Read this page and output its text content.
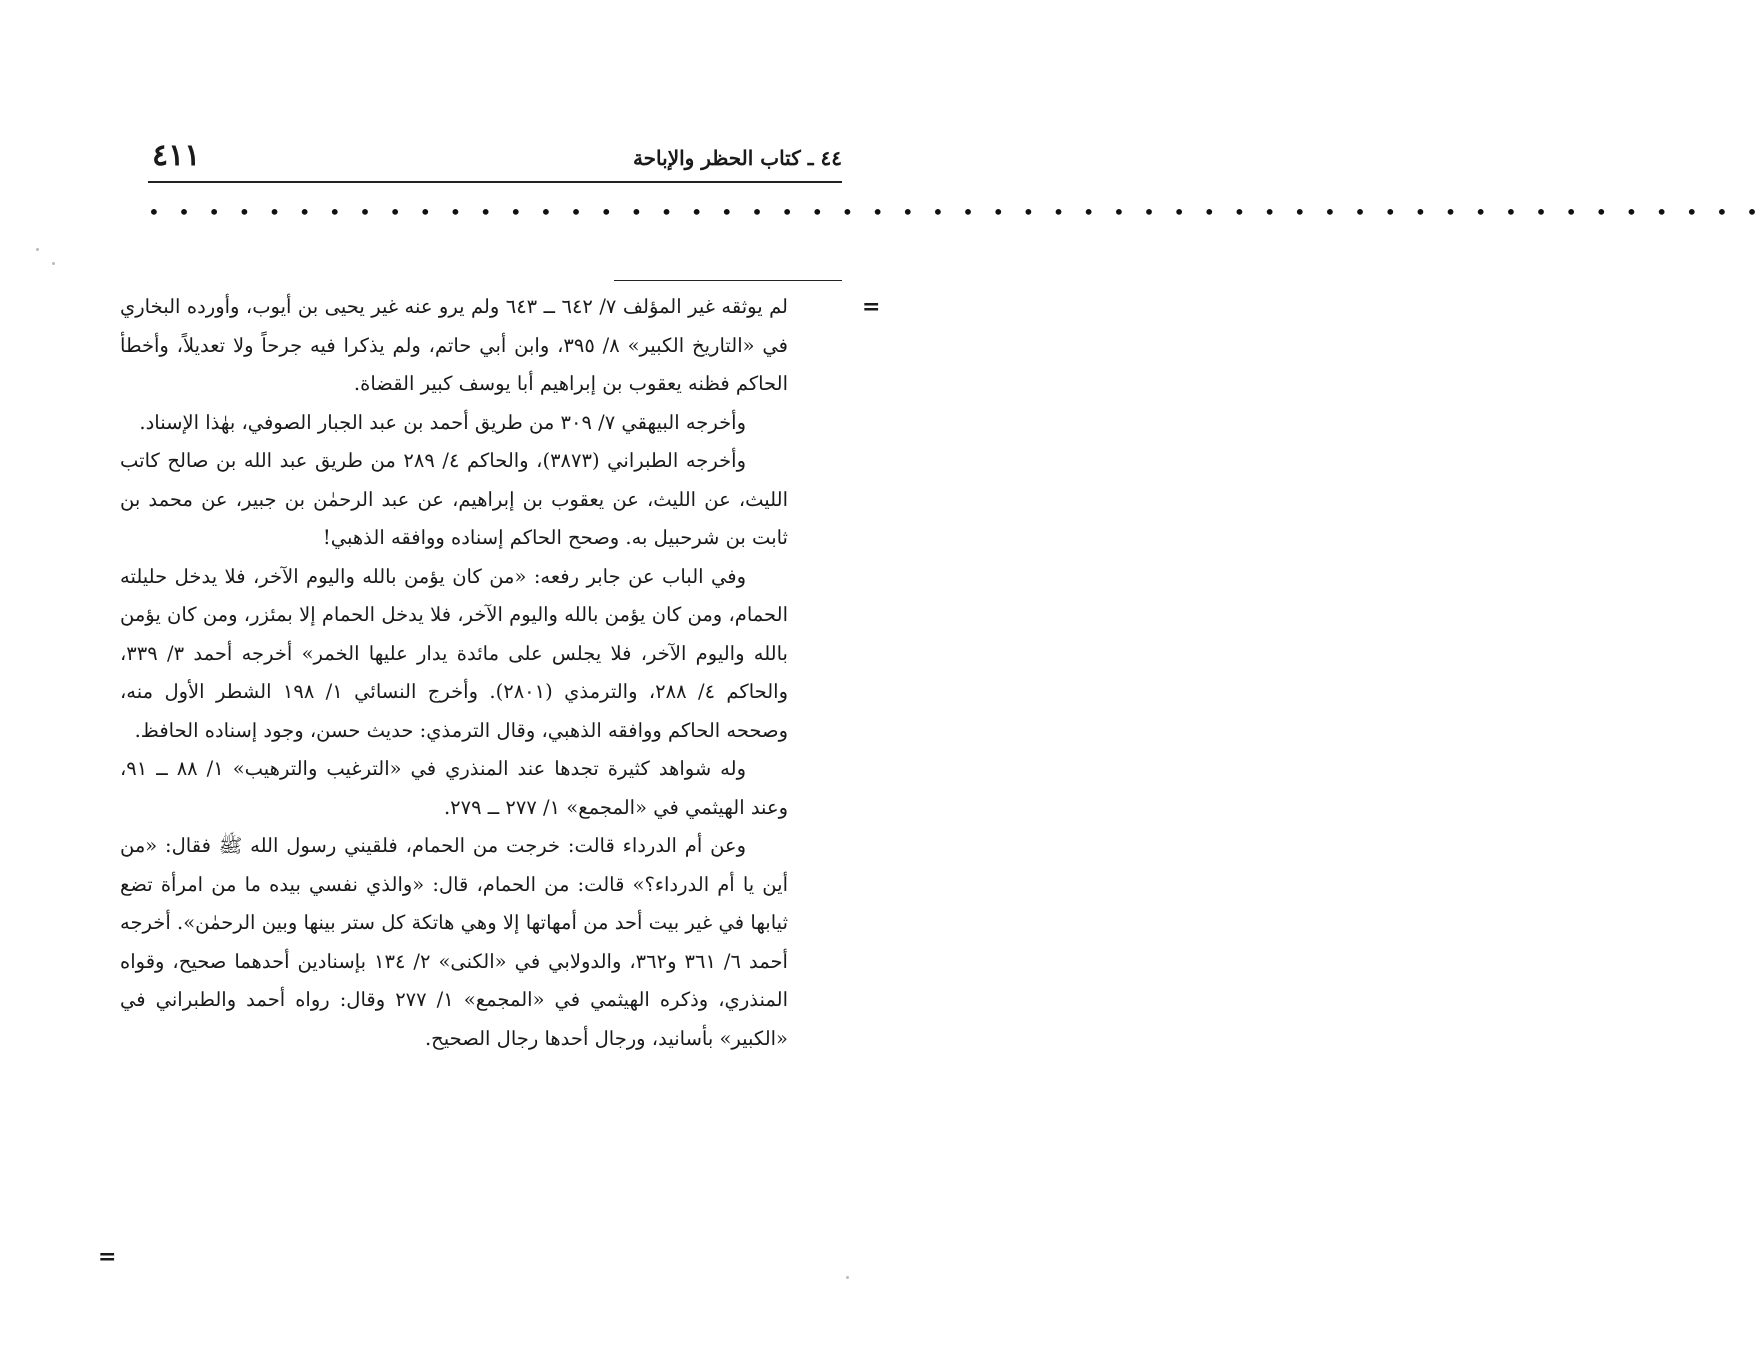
٤٤ ـ كتاب الحظر والإباحة
٤١١
• • • • • • • • • • • • • • • • • • • • • • • • • • • • • • • • • • • • • • • • • • • • • • • • • • • • • •
=
=

لم يوثقه غير المؤلف ٧/ ٦٤٢ ــ ٦٤٣ ولم يرو عنه غير يحيى بن أيوب، وأورده البخاري في «التاريخ الكبير» ٨/ ٣٩٥، وابن أبي حاتم، ولم يذكرا فيه جرحاً ولا تعديلاً، وأخطأ الحاكم فظنه يعقوب بن إبراهيم أبا يوسف كبير القضاة.

وأخرجه البيهقي ٧/ ٣٠٩ من طريق أحمد بن عبد الجبار الصوفي، بهٰذا الإسناد.

وأخرجه الطبراني (٣٨٧٣)، والحاكم ٤/ ٢٨٩ من طريق عبد الله بن صالح كاتب الليث، عن الليث، عن يعقوب بن إبراهيم، عن عبد الرحمٰن بن جبير، عن محمد بن ثابت بن شرحبيل به. وصحح الحاكم إسناده ووافقه الذهبي!

وفي الباب عن جابر رفعه: «من كان يؤمن بالله واليوم الآخر، فلا يدخل حليلته الحمام، ومن كان يؤمن بالله واليوم الآخر، فلا يدخل الحمام إلا بمئزر، ومن كان يؤمن بالله واليوم الآخر، فلا يجلس على مائدة يدار عليها الخمر» أخرجه أحمد ٣/ ٣٣٩، والحاكم ٤/ ٢٨٨، والترمذي (٢٨٠١). وأخرج النسائي ١/ ١٩٨ الشطر الأول منه، وصححه الحاكم ووافقه الذهبي، وقال الترمذي: حديث حسن، وجود إسناده الحافظ.

وله شواهد كثيرة تجدها عند المنذري في «الترغيب والترهيب» ١/ ٨٨ ــ ٩١، وعند الهيثمي في «المجمع» ١/ ٢٧٧ ــ ٢٧٩.

وعن أم الدرداء قالت: خرجت من الحمام، فلقيني رسول الله ﷺ فقال: «من أين يا أم الدرداء؟» قالت: من الحمام، قال: «والذي نفسي بيده ما من امرأة تضع ثيابها في غير بيت أحد من أمهاتها إلا وهي هاتكة كل ستر بينها وبين الرحمٰن». أخرجه أحمد ٦/ ٣٦١ و٣٦٢، والدولابي في «الكنى» ٢/ ١٣٤ بإسنادين أحدهما صحيح، وقواه المنذري، وذكره الهيثمي في «المجمع» ١/ ٢٧٧ وقال: رواه أحمد والطبراني في «الكبير» بأسانيد، ورجال أحدها رجال الصحيح.
